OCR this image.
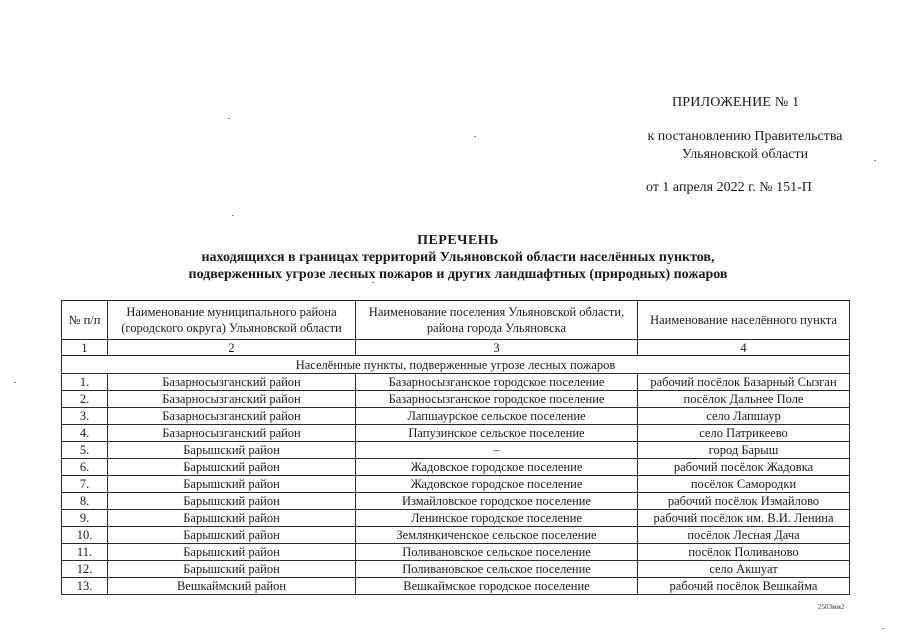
ПРИЛОЖЕНИЕ № 1
к постановлению Правительства
Ульяновской области
от 1 апреля 2022 г. № 151-П
ПЕРЕЧЕНЬ
находящихся в границах территорий Ульяновской области населённых пунктов,
подверженных угрозе лесных пожаров и других ландшафтных (природных) пожаров
№ п/п	Наименование муниципального района (городского округа) Ульяновской области	Наименование поселения Ульяновской области, района города Ульяновска	Наименование населённого пункта
1	2	3	4
Населённые пункты, подверженные угрозе лесных пожаров			
1.	Базарносызганский район	Базарносызганское городское поселение	рабочий посёлок Базарный Сызган
2.	Базарносызганский район	Базарносызганское городское поселение	посёлок Дальнее Поле
3.	Базарносызганский район	Лапшаурское сельское поселение	село Лапшаур
4.	Базарносызганский район	Папузинское сельское поселение	село Патрикеево
5.	Барышский район	–	город Барыш
6.	Барышский район	Жадовское городское поселение	рабочий посёлок Жадовка
7.	Барышский район	Жадовское городское поселение	посёлок Самородки
8.	Барышский район	Измайловское городское поселение	рабочий посёлок Измайлово
9.	Барышский район	Ленинское городское поселение	рабочий посёлок им. В.И. Ленина
10.	Барышский район	Землянкиченское сельское поселение	посёлок Лесная Дача
11.	Барышский район	Поливановское сельское поселение	посёлок Поливаново
12.	Барышский район	Поливановское сельское поселение	село Акшуат
13.	Вешкаймский район	Вешкаймское городское поселение	рабочий посёлок Вешкайма
2503мм2
